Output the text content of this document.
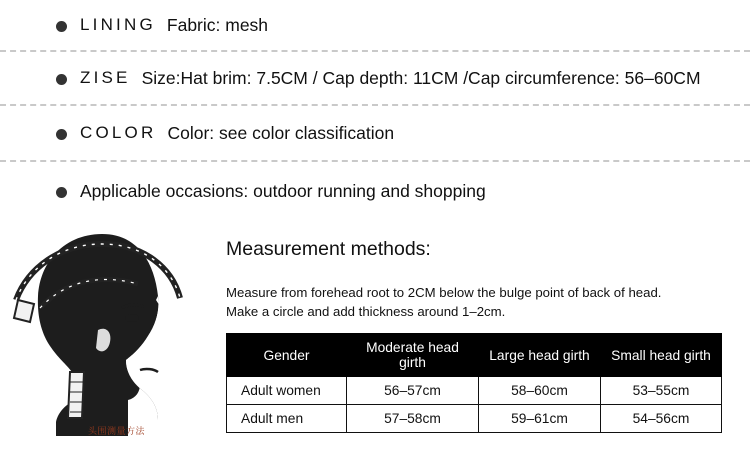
LINING Fabric: mesh
ZISE Size:Hat brim: 7.5CM / Cap depth: 11CM /Cap circumference: 56–60CM
COLOR Color: see color classification
Applicable occasions: outdoor running and shopping
头围测量方法
Measurement methods:
Measure from forehead root to 2CM below the bulge point of back of head.
Make a circle and add thickness around 1–2cm.
Gender	Moderate head girth	Large head girth	Small head girth
Adult women	56–57cm	58–60cm	53–55cm
Adult men	57–58cm	59–61cm	54–56cm
